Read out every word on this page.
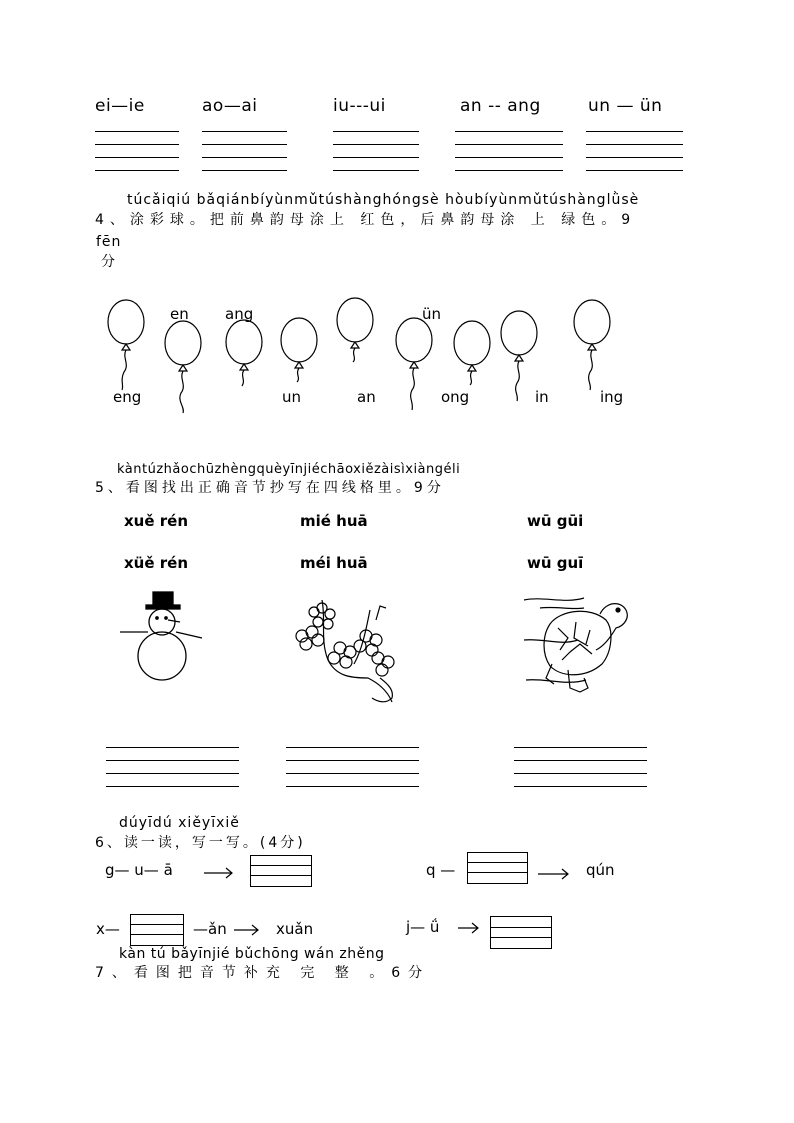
ei—ie	ao—ai	iu---ui	an -- ang	un — ün
túcǎiqiú bǎqiánbíyùnmǔtúshànghóngsè hòubíyùnmǔtúshànglǜsè
4、涂彩球。把前鼻韵母涂上 红色，后鼻韵母涂 上 绿色。9
fēn
分
en ang	ün
eng	un	an	ong	in	ing
kàntúzhǎochūzhèngquèyīnjiéchāoxiězàisìxiàngéli
5、看图找出正确音节抄写在四线格里。9分
xuě rén	mié huā	wū gūi
xüě rén	méi huā	wū guī
dúyīdú xiěyīxiě
6、读一读，写一写。(4分)
g— u— ā	q —	qún
x—	—ǎn	xuǎn	j— ǘ
kàn tú bǎyīnjié bǔchōng wán zhěng
7、看图把音节补充 完 整 。6分
